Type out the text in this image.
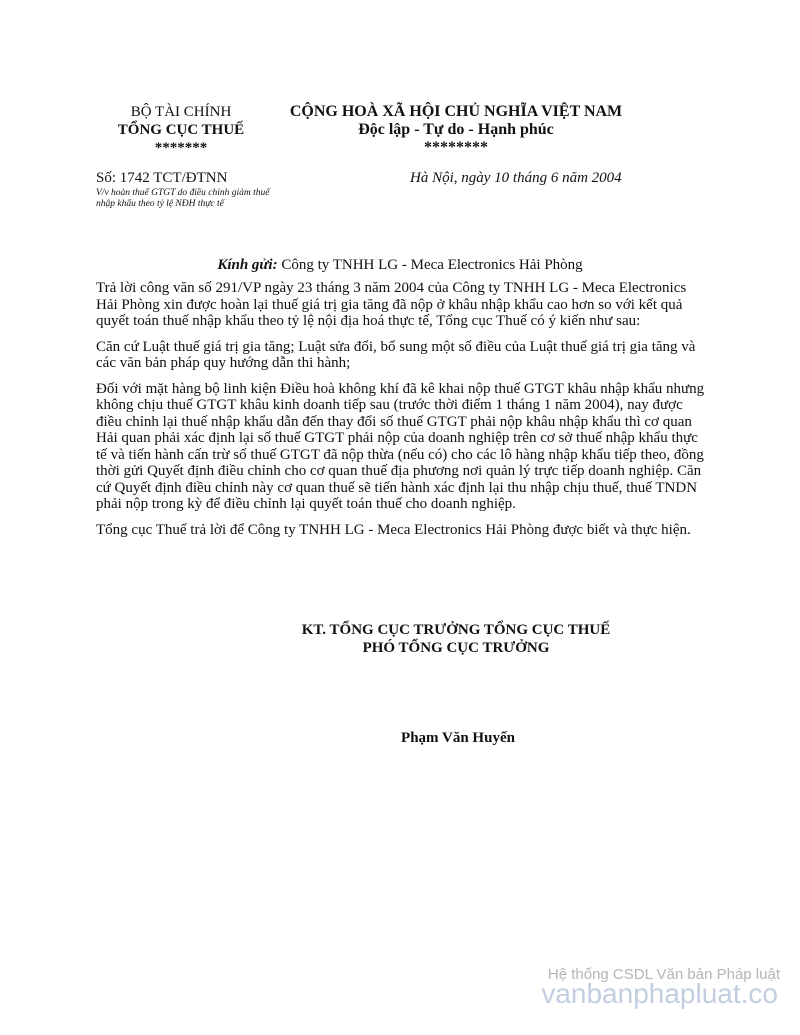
BỘ TÀI CHÍNH
TỔNG CỤC THUẾ
*******
CỘNG HOÀ XÃ HỘI CHỦ NGHĨA VIỆT NAM
Độc lập - Tự do - Hạnh phúc
********
Số: 1742 TCT/ĐTNN
V/v hoàn thuế GTGT do điều chỉnh giảm thuế nhập khẩu theo tỷ lệ NĐH thực tế
Hà Nội, ngày 10 tháng 6 năm 2004
Kính gửi: Công ty TNHH LG - Meca Electronics Hải Phòng

Trả lời công văn số 291/VP ngày 23 tháng 3 năm 2004 của Công ty TNHH LG - Meca Electronics Hải Phòng xin được hoàn lại thuế giá trị gia tăng đã nộp ở khâu nhập khẩu cao hơn so với kết quả quyết toán thuế nhập khẩu theo tỷ lệ nội địa hoá thực tế, Tổng cục Thuế có ý kiến như sau:

Căn cứ Luật thuế giá trị gia tăng; Luật sửa đổi, bổ sung một số điều của Luật thuế giá trị gia tăng và các văn bản pháp quy hướng dẫn thi hành;

Đối với mặt hàng bộ linh kiện Điều hoà không khí đã kê khai nộp thuế GTGT khâu nhập khẩu nhưng không chịu thuế GTGT khâu kinh doanh tiếp sau (trước thời điểm 1 tháng 1 năm 2004), nay được điều chỉnh lại thuế nhập khẩu dẫn đến thay đổi số thuế GTGT phải nộp khâu nhập khẩu thì cơ quan Hải quan phải xác định lại số thuế GTGT phải nộp của doanh nghiệp trên cơ sở thuế nhập khẩu thực tế và tiến hành cấn trừ số thuế GTGT đã nộp thừa (nếu có) cho các lô hàng nhập khẩu tiếp theo, đồng thời gửi Quyết định điều chỉnh cho cơ quan thuế địa phương nơi quản lý trực tiếp doanh nghiệp. Căn cứ Quyết định điều chỉnh này cơ quan thuế sẽ tiến hành xác định lại thu nhập chịu thuế, thuế TNDN phải nộp trong kỳ để điều chỉnh lại quyết toán thuế cho doanh nghiệp.

Tổng cục Thuế trả lời để Công ty TNHH LG - Meca Electronics Hải Phòng được biết và thực hiện.

KT. TỔNG CỤC TRƯỞNG TỔNG CỤC THUẾ
PHÓ TỔNG CỤC TRƯỞNG
Phạm Văn Huyến
Hệ thống CSDL Văn bản Pháp luật
vanbanphapluat.co
